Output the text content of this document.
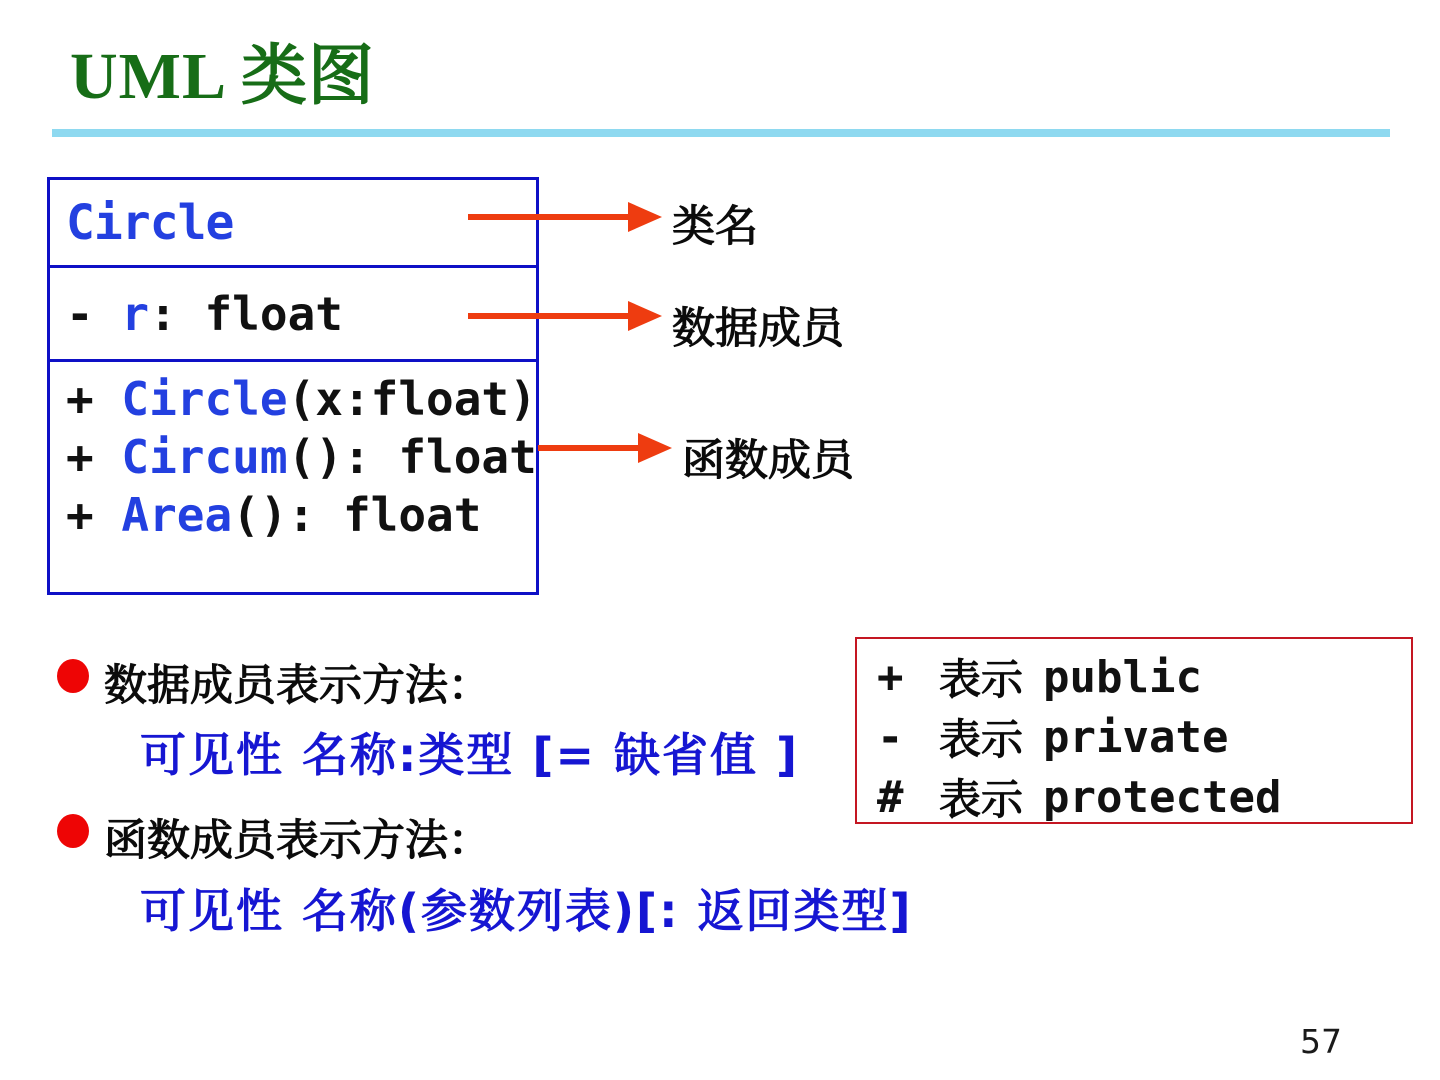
UML 类图
Circle
- r: float
+ Circle(x:float)
+ Circum(): float
+ Area(): float
类名
数据成员
函数成员
数据成员表示方法：
可见性 名称:类型 [= 缺省值 ]
函数成员表示方法：
可见性 名称(参数列表)[: 返回类型]
+ 表示 public
- 表示 private
# 表示 protected
57
